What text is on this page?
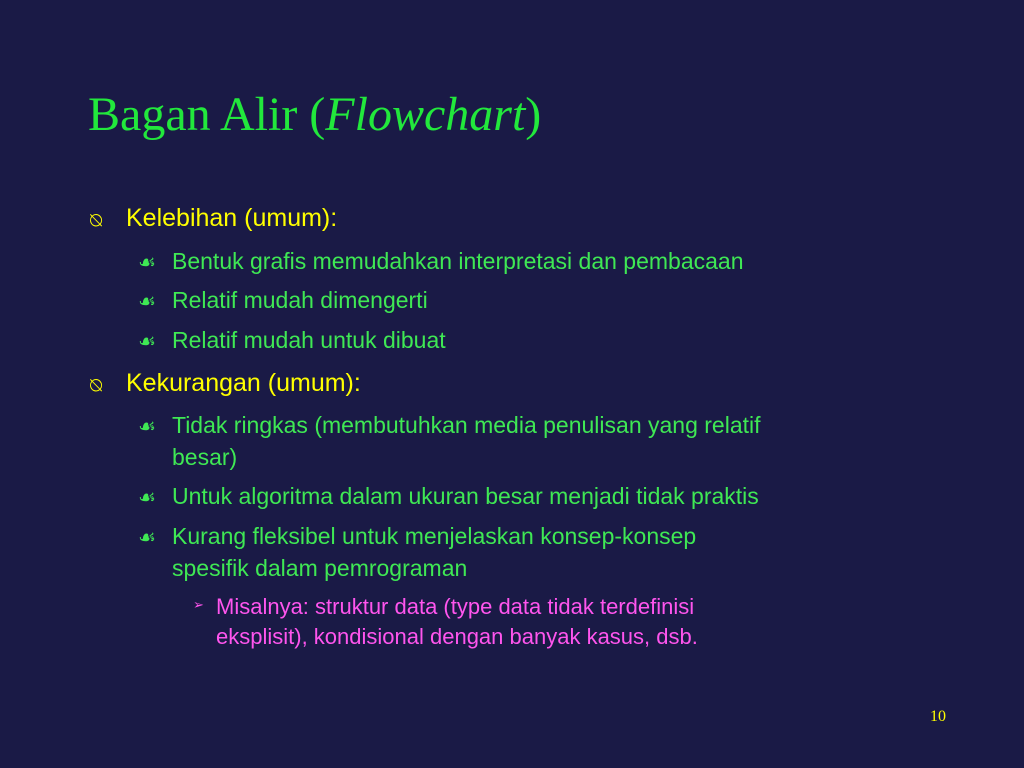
Bagan Alir (Flowchart)
⍉ Kelebihan (umum):
☙ Bentuk grafis memudahkan interpretasi dan pembacaan
☙ Relatif mudah dimengerti
☙ Relatif mudah untuk dibuat
⍉ Kekurangan (umum):
☙ Tidak ringkas (membutuhkan media penulisan yang relatif
besar)
☙ Untuk algoritma dalam ukuran besar menjadi tidak praktis
☙ Kurang fleksibel untuk menjelaskan konsep-konsep
spesifik dalam pemrograman
➢ Misalnya: struktur data (type data tidak terdefinisi
eksplisit), kondisional dengan banyak kasus, dsb.
10
